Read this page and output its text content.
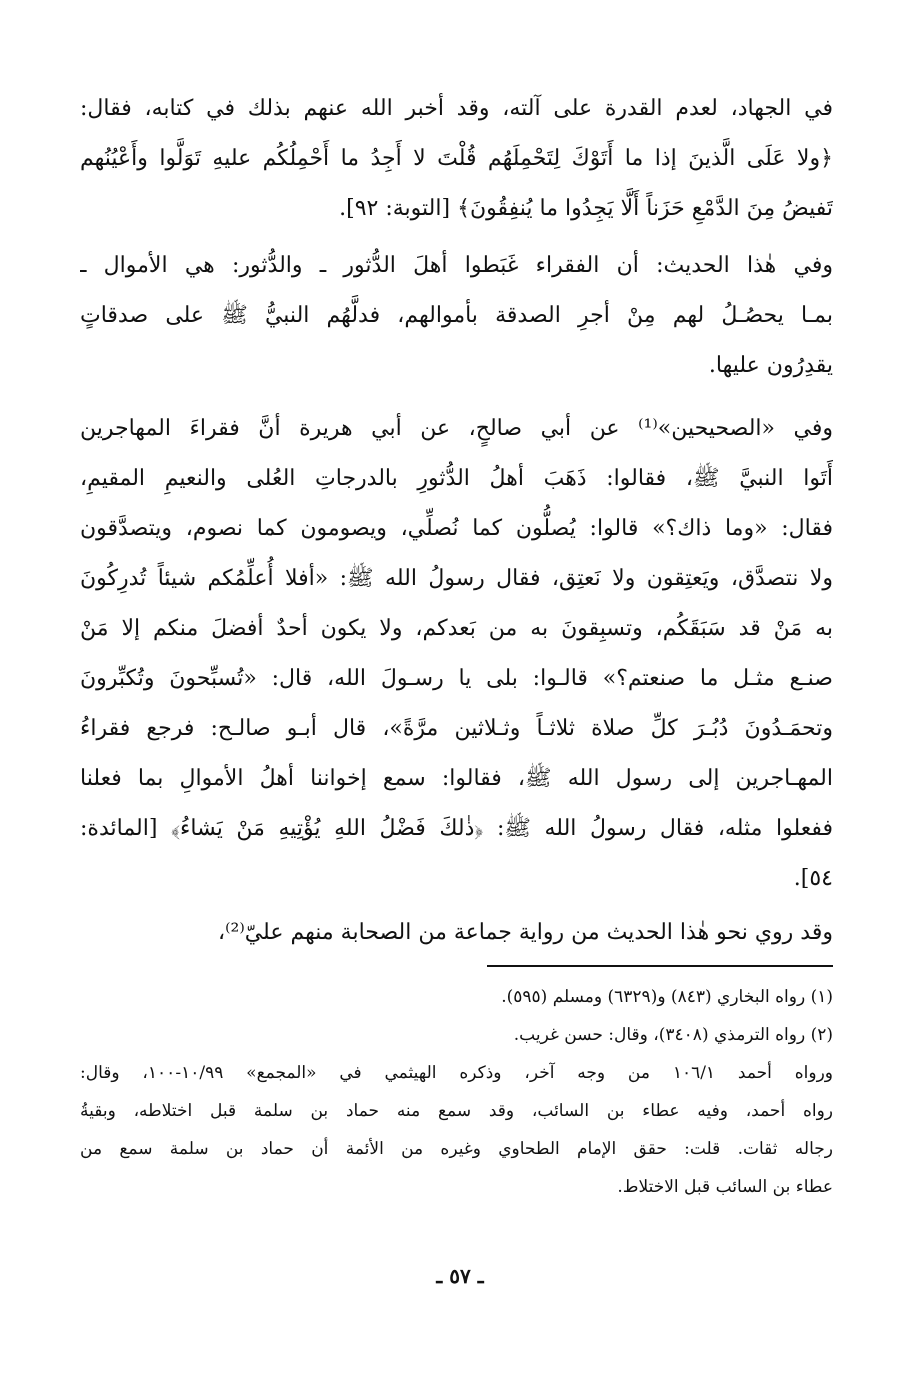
في الجهاد، لعدم القدرة على آلته، وقد أخبر الله عنهم بذلك في كتابه، فقال:
﴿ولا عَلَى الَّذينَ إذا ما أَتَوْكَ لِتَحْمِلَهُم قُلْتَ لا أَجِدُ ما أَحْمِلُكُم عليهِ تَوَلَّوا وأَعْيُنُهم
تَفيضُ مِنَ الدَّمْعِ حَزَناً أَلَّا يَجِدُوا ما يُنفِقُونَ﴾ [التوبة: ٩٢].
وفي هٰذا الحديث: أن الفقراء غَبَطوا أهلَ الدُّثور ـ والدُّثور: هي الأموال ـ
بمـا يحصُـلُ لهم مِنْ أجرِ الصدقة بأموالهم، فدلَّهُم النبيُّ ﷺ على صدقاتٍ
يقدِرُون عليها.
وفي «الصحيحين»⁽¹⁾ عن أبي صالحٍ، عن أبي هريرة أنَّ فقراءَ المهاجرين
أَتَوا النبيَّ ﷺ، فقالوا: ذَهَبَ أهلُ الدُّثورِ بالدرجاتِ العُلى والنعيمِ المقيمِ،
فقال: «وما ذاك؟» قالوا: يُصلُّون كما نُصلِّي، ويصومون كما نصوم، ويتصدَّقون
ولا نتصدَّق، ويَعتِقون ولا نَعتِق، فقال رسولُ الله ﷺ: «أفلا أُعلِّمُكم شيئاً تُدرِكُونَ
به مَنْ قد سَبَقَكُم، وتسبِقونَ به من بَعدكم، ولا يكون أحدٌ أفضلَ منكم إلا مَنْ
صنـع مثـل ما صنعتم؟» قالـوا: بلى يا رسـولَ الله، قال: «تُسبِّحونَ وتُكبِّرونَ
وتحمَـدُونَ دُبُـرَ كلِّ صلاة ثلاثـاً وثـلاثين مرَّةً»، قال أبـو صالـح: فرجع فقراءُ
المهـاجرين إلى رسول الله ﷺ، فقالوا: سمع إخواننا أهلُ الأموالِ بما فعلنا
ففعلوا مثله، فقال رسولُ الله ﷺ: ﴿ذٰلكَ فَضْلُ اللهِ يُؤْتِيهِ مَنْ يَشاءُ﴾ [المائدة:
٥٤].
وقد روي نحو هٰذا الحديث من رواية جماعة من الصحابة منهم عليّ⁽²⁾،
(١) رواه البخاري (٨٤٣) و(٦٣٢٩) ومسلم (٥٩٥).
(٢) رواه الترمذي (٣٤٠٨)، وقال: حسن غريب.
ورواه أحمد ١٠٦/١ من وجه آخر، وذكره الهيثمي في «المجمع» ١٠/٩٩-١٠٠، وقال:
رواه أحمد، وفيه عطاء بن السائب، وقد سمع منه حماد بن سلمة قبل اختلاطه، وبقيةُ
رجاله ثقات. قلت: حقق الإمام الطحاوي وغيره من الأئمة أن حماد بن سلمة سمع من
عطاء بن السائب قبل الاختلاط.
ـ ٥٧ ـ
